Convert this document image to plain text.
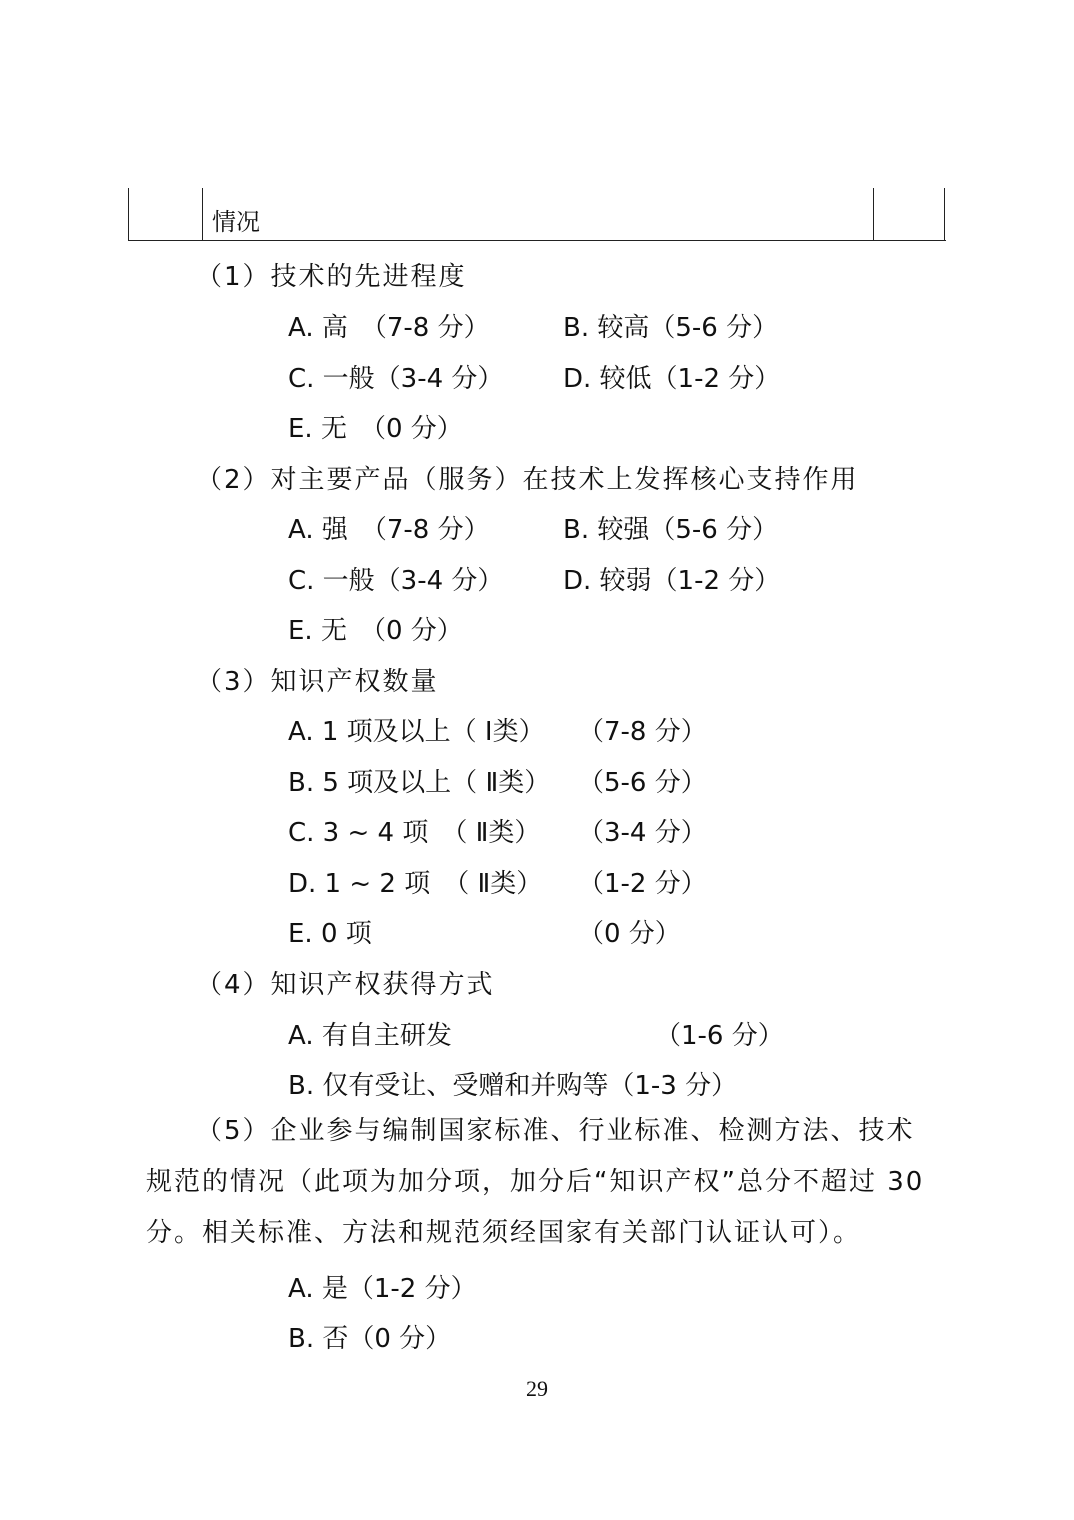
情况
（1）技术的先进程度
A. 高　（7-8 分）	B. 较高（5-6 分）
C. 一般（3-4 分） D. 较低（1-2 分）
E. 无　（0 分）
（2）对主要产品（服务）在技术上发挥核心支持作用
A. 强　（7-8 分）	B. 较强（5-6 分）
C. 一般（3-4 分） D. 较弱（1-2 分）
E. 无　（0 分）
（3）知识产权数量
A. 1 项及以上（ Ⅰ类） （7-8 分）
B. 5 项及以上（ Ⅱ类） （5-6 分）
C. 3 ~ 4 项　（ Ⅱ类） （3-4 分）
D. 1 ~ 2 项　（ Ⅱ类） （1-2 分）
E. 0 项	（0 分）
（4）知识产权获得方式
A. 有自主研发	（1-6 分）
B. 仅有受让、受赠和并购等（1-3 分）
（5）企业参与编制国家标准、行业标准、检测方法、技术规范的情况（此项为加分项，加分后“知识产权”总分不超过 30 分。相关标准、方法和规范须经国家有关部门认证认可）。
A. 是（1-2 分）
B. 否（0 分）
29
